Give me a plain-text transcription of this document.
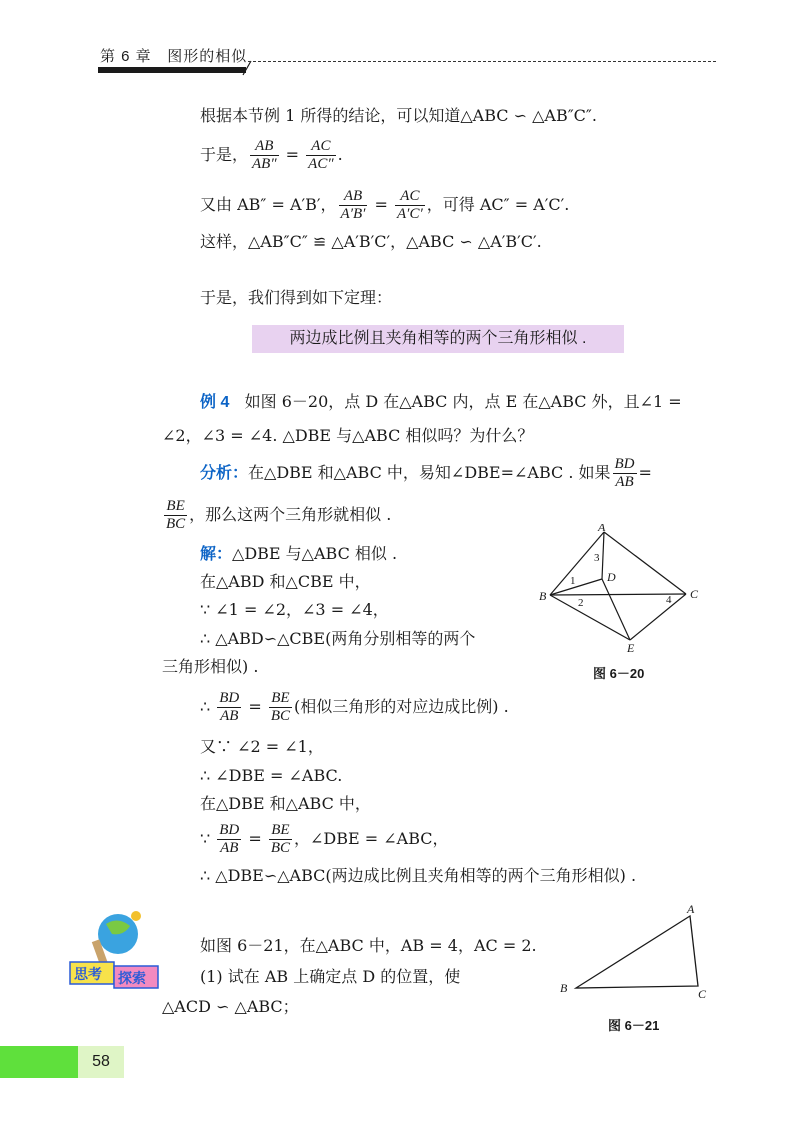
第 6 章 图形的相似
根据本节例 1 所得的结论，可以知道△ABC ∽ △AB″C″.
于是， $\frac{AB}{AB''} = \frac{AC}{AC''}$ .
又由 AB″ = A′B′， $\frac{AB}{A'B'} = \frac{AC}{A'C'}$ ，可得 AC″ = A′C′.
这样，△AB″C″ ≌ △A′B′C′，△ABC ∽ △A′B′C′.
于是，我们得到如下定理：
两边成比例且夹角相等的两个三角形相似 .
例 4 如图 6－20，点 D 在△ABC 内，点 E 在△ABC 外，且∠1 =
∠2，∠3 = ∠4. △DBE 与△ABC 相似吗？为什么？
分析：在△DBE 和△ABC 中，易知∠DBE=∠ABC . 如果 $\frac{BD}{AB}$ =
$\frac{BE}{BC}$ ，那么这两个三角形就相似 .
解：△DBE 与△ABC 相似 .
在△ABD 和△CBE 中，
∵ ∠1 = ∠2，∠3 = ∠4，
∴ △ABD∽△CBE(两角分别相等的两个
三角形相似) .
∴ $\frac{BD}{AB} = \frac{BE}{BC}$ (相似三角形的对应边成比例) .
又∵ ∠2 = ∠1，
∴ ∠DBE = ∠ABC.
在△DBE 和△ABC 中，
∵ $\frac{BD}{AB} = \frac{BE}{BC}$ ，∠DBE = ∠ABC，
∴ △DBE∽△ABC(两边成比例且夹角相等的两个三角形相似) .
A
B	C
D
E
1
2
3
4
图 6－20
思考 探索
如图 6－21，在△ABC 中，AB = 4，AC = 2.
(1) 试在 AB 上确定点 D 的位置，使
△ACD ∽ △ABC；
A
B	C
图 6－21
58
